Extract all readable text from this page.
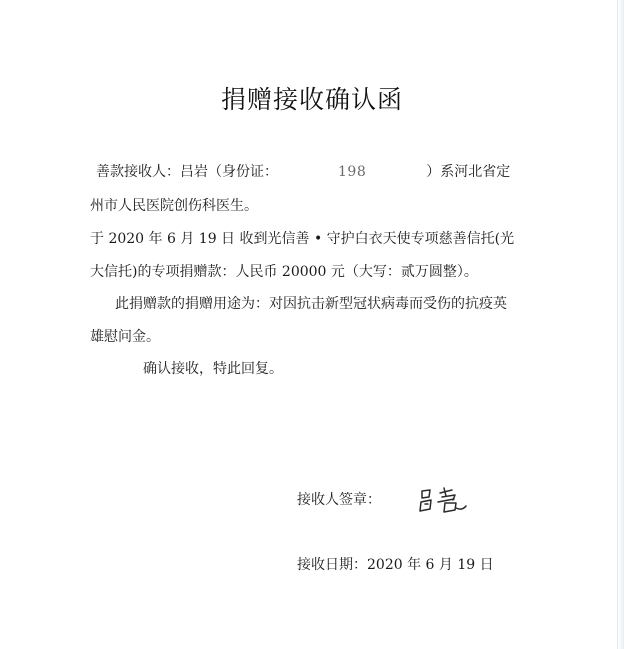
捐赠接收确认函
善款接收人：吕岩（身份证：	198	）系河北省定
州市人民医院创伤科医生。
于 2020 年 6 月 19 日 收到光信善 • 守护白衣天使专项慈善信托(光
大信托)的专项捐赠款：人民币 20000 元（大写：贰万圆整）。
此捐赠款的捐赠用途为：对因抗击新型冠状病毒而受伤的抗疫英
雄慰问金。
确认接收，特此回复。
接收人签章：
接收日期：2020 年 6 月 19 日
